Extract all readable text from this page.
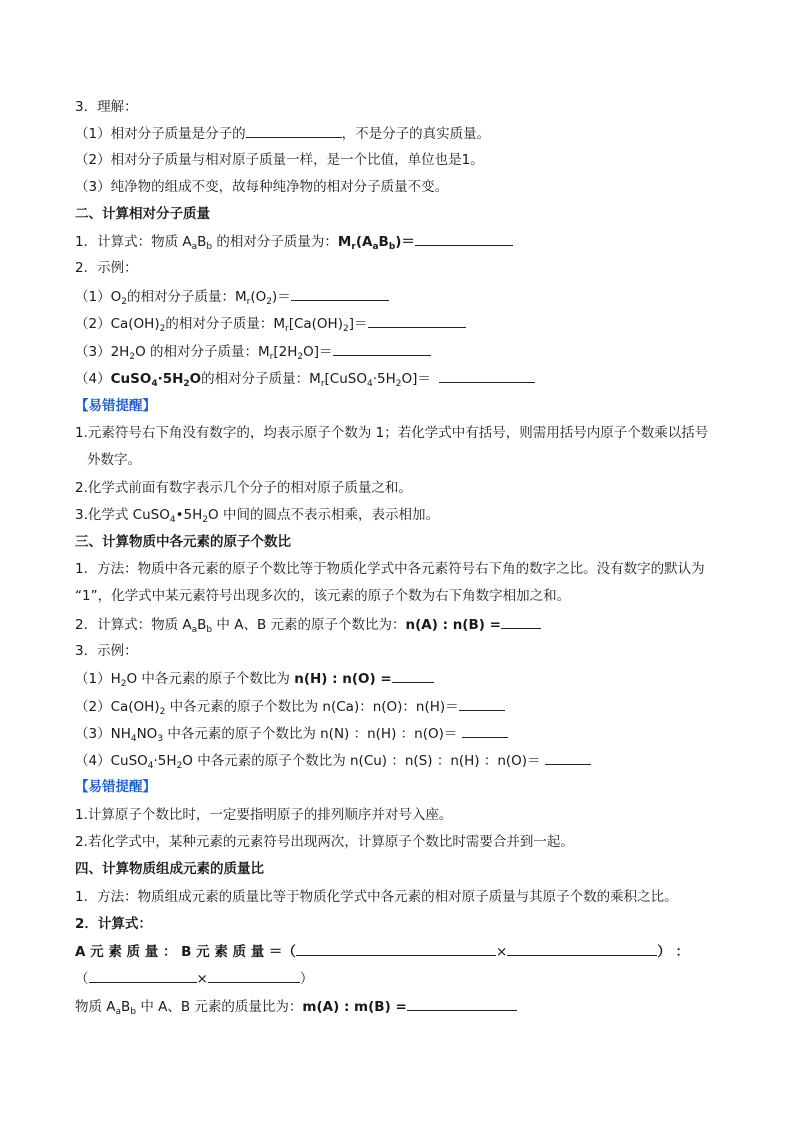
3．理解：
（1）相对分子质量是分子的	，不是分子的真实质量。
（2）相对分子质量与相对原子质量一样，是一个比值，单位也是1。
（3）纯净物的组成不变，故每种纯净物的相对分子质量不变。
二、计算相对分子质量
1．计算式：物质 $A_aB_b$ 的相对分子质量为：$M_r(A_aB_b)=$
2．示例：
$(1)O_2$的相对分子质量：$M_r(O_2)=$
$(2)Ca(OH)_2$的相对分子质量：$M_r[Ca(OH)_2]=$
$(3)2H_2O$ 的相对分子质量：$M_r[2H_2O]=$
$(4)CuSO_4\cdot 5H_2O$的相对分子质量：$M_r[CuSO_4\cdot 5H_2O]=$
【易错提醒】
1.元素符号右下角没有数字的，均表示原子个数为 1；若化学式中有括号，则需用括号内原子个数乘以括号
外数字。
2.化学式前面有数字表示几个分子的相对原子质量之和。
3.化学式 $CuSO_4•5H_2O$ 中间的圆点不表示相乘，表示相加。
三、计算物质中各元素的原子个数比
1．方法：物质中各元素的原子个数比等于物质化学式中各元素符号右下角的数字之比。没有数字的默认为
“1”，化学式中某元素符号出现多次的，该元素的原子个数为右下角数字相加之和。
2．计算式：物质 $A_aB_b$ 中 A、B 元素的原子个数比为：n(A) : n(B) =
3．示例：
$(1)H_2O$ 中各元素的原子个数比为 n(H) : n(O) =
$(2)Ca(OH)_2$ 中各元素的原子个数比为 n(Ca)：n(O)：n(H)＝
$(3)NH_4NO_3$ 中各元素的原子个数比为 n(N) ：n(H) ：n(O)＝
$(4)CuSO_4\cdot 5H_2O$ 中各元素的原子个数比为 n(Cu) ：n(S) ：n(H) ：n(O)＝
【易错提醒】
1.计算原子个数比时，一定要指明原子的排列顺序并对号入座。
2.若化学式中，某种元素的元素符号出现两次，计算原子个数比时需要合并到一起。
四、计算物质组成元素的质量比
1．方法：物质组成元素的质量比等于物质化学式中各元素的相对原子质量与其原子个数的乘积之比。
2．计算式：
A 元 素 质 量 ： B 元 素 质 量 ＝（	×	） ：
（	×	）
物质 $A_aB_b$ 中 A、B 元素的质量比为：m(A) : m(B) =
